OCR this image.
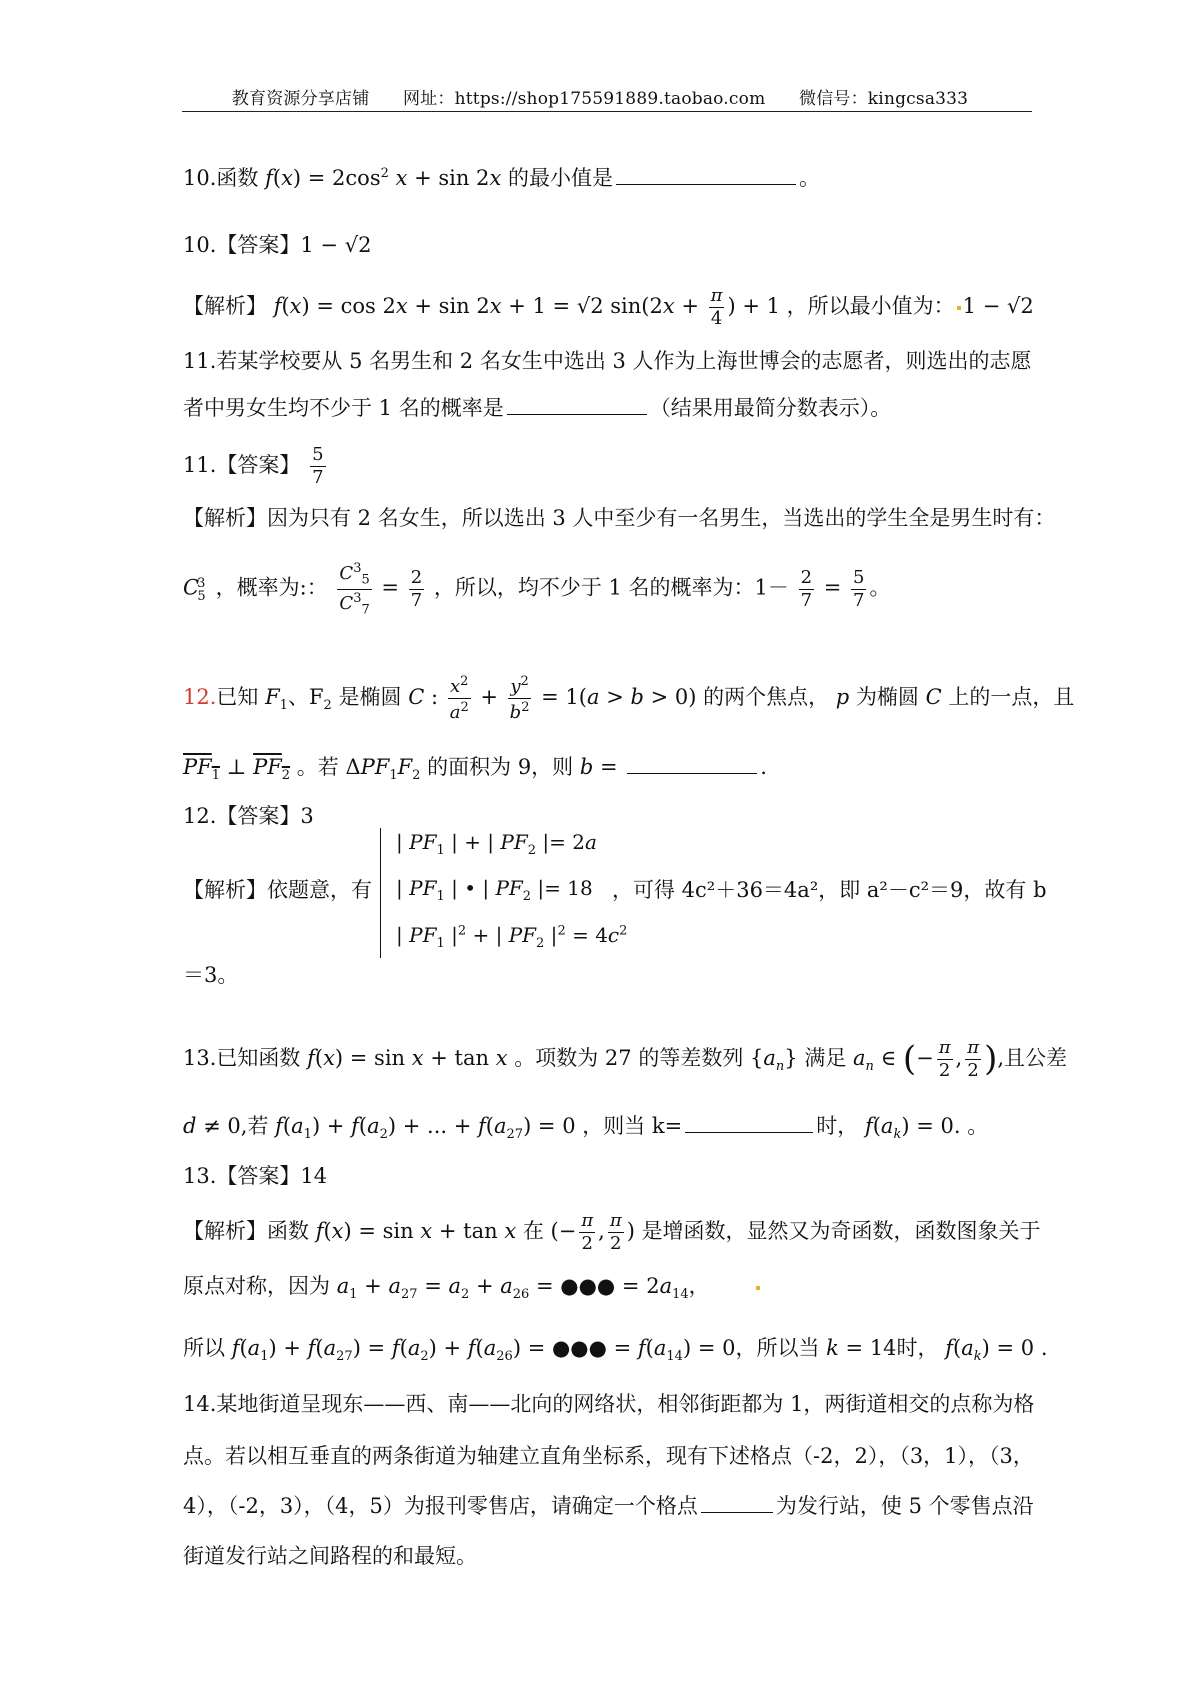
教育资源分享店铺 网址：https://shop175591889.taobao.com 微信号：kingcsa333
10.函数 $f(x) = 2\cos^2$ x + sin 2x 的最小值是	。
10.【答案】1 − √2
【解析】 f(x) = cos 2x + sin 2x + 1 = √2 $\sin(2x + \frac{\pi}{4}$ ) + 1 ，所以最小值为： 1 − √2
11.若某学校要从 5 名男生和 2 名女生中选出 3 人作为上海世博会的志愿者，则选出的志愿
者中男女生均不少于 1 名的概率是	（结果用最简分数表示）。
11.【答案】 $\frac{5}{7}$
【解析】因为只有 2 名女生，所以选出 3 人中至少有一名男生，当选出的学生全是男生时有：
$C^3_5$ ，概率为:： $\frac{C^3_5}{C^3_7} = \frac{2}{7}$ ，所以，均不少于 1 名的概率为：$1- \frac{2}{7} = \frac{5}{7}$ 。
12.已知 $F_1$、$F_2$ 是椭圆 C : $\frac{x^2}{a^2} + \frac{y^2}{b^2} = 1(a > b > 0)$ 的两个焦点， p 为椭圆 C 上的一点，且
$PF_1$ ⊥ $PF_2$ 。若 $\Delta PF_1F_2$ 的面积为 9，则 b =	.
12.【答案】3
【解析】依题意，有
| $PF_1$ | + | $PF_2$ |= 2a
| $PF_1$ | • | $PF_2$ |= 18
| $PF_1$ $|^2$ + | $PF_2$ $|^2 = 4c^2$
，可得 4c²＋36＝4a²，即 a²－c²＝9，故有 b
＝3。
13.已知函数 f(x) = sin x + tan x 。项数为 27 的等差数列 $\{a_n\}$ 满足 $a_n$ ∈ (− $\frac{\pi}{2}$ , $\frac{\pi}{2}$ ),且公差
d ≠ 0,若 $f(a_1) + f(a_2)$ + ... + $f(a_{27}) = 0$ ，则当 k=	时， $f(a_k) = 0$. 。
13.【答案】14
【解析】函数 f(x) = sin x + tan x 在 (− $\frac{\pi}{2}$ , $\frac{\pi}{2}$ ) 是增函数，显然又为奇函数，函数图象关于
原点对称，因为 $a_1 + a_{27} = a_2 + a_{26}$ = ●●● = $2a_{14}$，
所以 $f(a_1) + f(a_{27}) = f(a_2) + f(a_{26})$ = ●●● = $f(a_{14}) = 0$，所以当 k = 14时， $f(a_k) = 0$ .
14.某地街道呈现东——西、南——北向的网络状，相邻街距都为 1，两街道相交的点称为格
点。若以相互垂直的两条街道为轴建立直角坐标系，现有下述格点（-2，2），（3，1），（3，
4），（-2，3），（4，5）为报刊零售店，请确定一个格点	为发行站，使 5 个零售点沿
街道发行站之间路程的和最短。
